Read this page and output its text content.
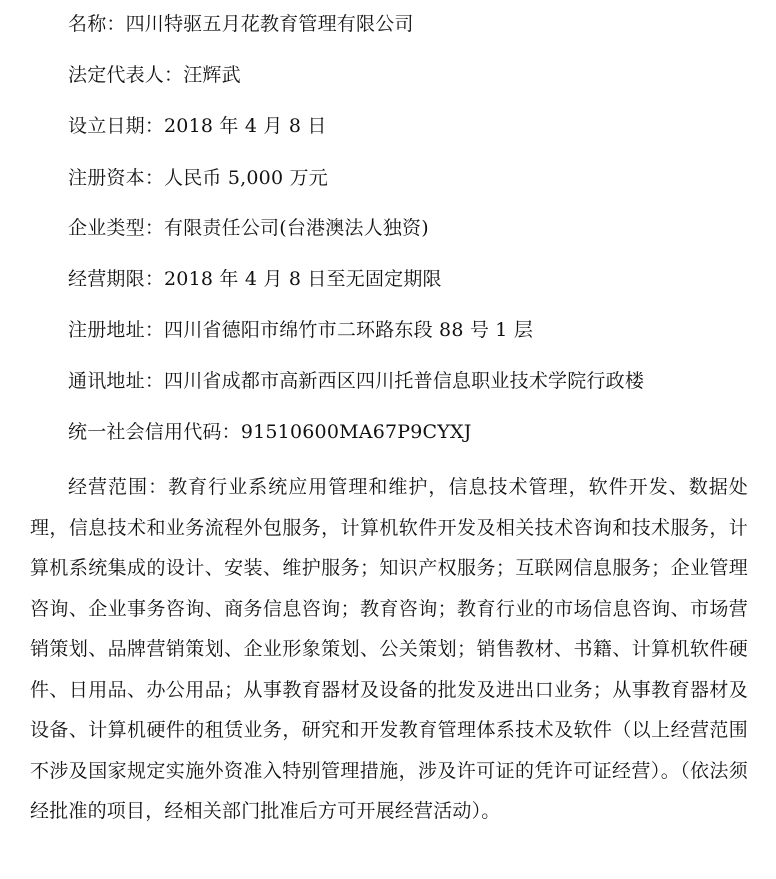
名称：四川特驱五月花教育管理有限公司
法定代表人：汪辉武
设立日期：2018 年 4 月 8 日
注册资本：人民币 5,000 万元
企业类型：有限责任公司(台港澳法人独资)
经营期限：2018 年 4 月 8 日至无固定期限
注册地址：四川省德阳市绵竹市二环路东段 88 号 1 层
通讯地址：四川省成都市高新西区四川托普信息职业技术学院行政楼
统一社会信用代码：91510600MA67P9CYXJ

经营范围：教育行业系统应用管理和维护，信息技术管理，软件开发、数据处理，信息技术和业务流程外包服务，计算机软件开发及相关技术咨询和技术服务，计算机系统集成的设计、安装、维护服务；知识产权服务；互联网信息服务；企业管理咨询、企业事务咨询、商务信息咨询；教育咨询；教育行业的市场信息咨询、市场营销策划、品牌营销策划、企业形象策划、公关策划；销售教材、书籍、计算机软件硬件、日用品、办公用品；从事教育器材及设备的批发及进出口业务；从事教育器材及设备、计算机硬件的租赁业务，研究和开发教育管理体系技术及软件（以上经营范围不涉及国家规定实施外资准入特别管理措施，涉及许可证的凭许可证经营）。（依法须经批准的项目，经相关部门批准后方可开展经营活动）。
